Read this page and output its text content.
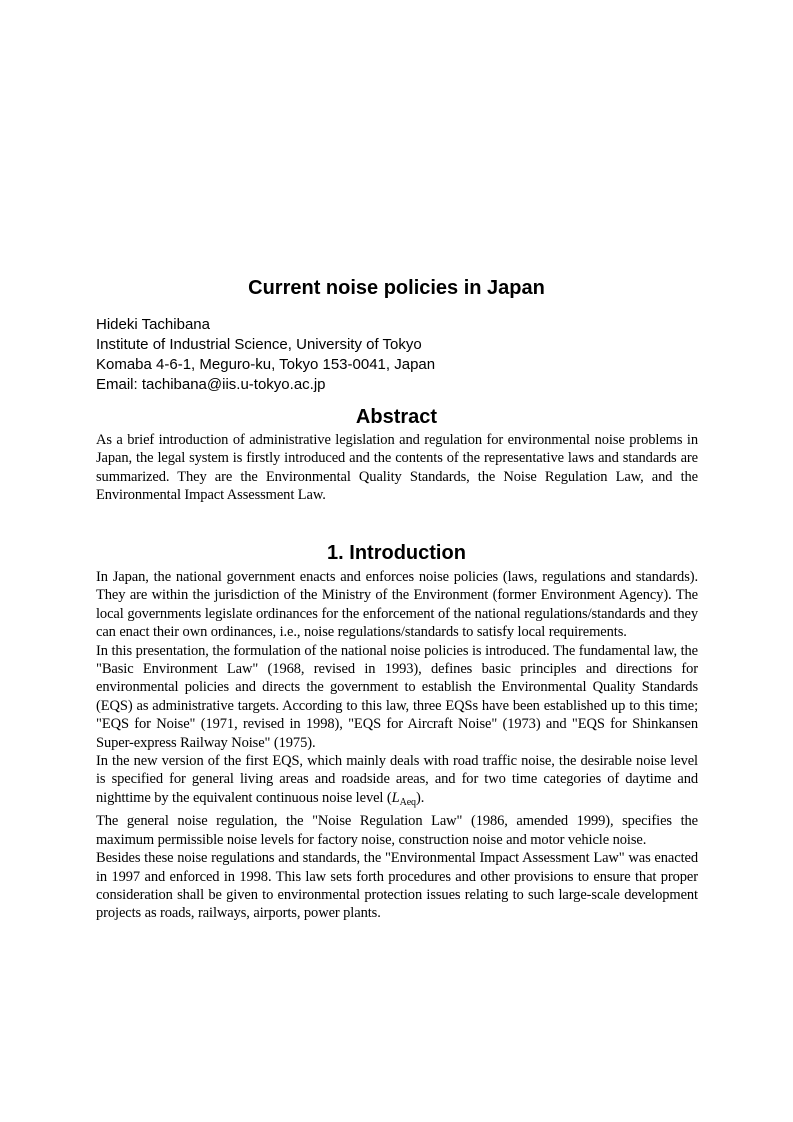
Current noise policies in Japan
Hideki Tachibana
Institute of Industrial Science, University of Tokyo
Komaba 4-6-1, Meguro-ku, Tokyo 153-0041, Japan
Email: tachibana@iis.u-tokyo.ac.jp
Abstract

As a brief introduction of administrative legislation and regulation for environmental noise problems in Japan, the legal system is firstly introduced and the contents of the representative laws and standards are summarized. They are the Environmental Quality Standards, the Noise Regulation Law, and the Environmental Impact Assessment Law.

1. Introduction

In Japan, the national government enacts and enforces noise policies (laws, regulations and standards). They are within the jurisdiction of the Ministry of the Environment (former Environment Agency). The local governments legislate ordinances for the enforcement of the national regulations/standards and they can enact their own ordinances, i.e., noise regulations/standards to satisfy local requirements.

In this presentation, the formulation of the national noise policies is introduced. The fundamental law, the "Basic Environment Law" (1968, revised in 1993), defines basic principles and directions for environmental policies and directs the government to establish the Environmental Quality Standards (EQS) as administrative targets. According to this law, three EQSs have been established up to this time; "EQS for Noise" (1971, revised in 1998), "EQS for Aircraft Noise" (1973) and "EQS for Shinkansen Super-express Railway Noise" (1975).

In the new version of the first EQS, which mainly deals with road traffic noise, the desirable noise level is specified for general living areas and roadside areas, and for two time categories of daytime and nighttime by the equivalent continuous noise level $(L_{Aeq})$.

The general noise regulation, the "Noise Regulation Law" (1986, amended 1999), specifies the maximum permissible noise levels for factory noise, construction noise and motor vehicle noise.

Besides these noise regulations and standards, the "Environmental Impact Assessment Law" was enacted in 1997 and enforced in 1998. This law sets forth procedures and other provisions to ensure that proper consideration shall be given to environmental protection issues relating to such large-scale development projects as roads, railways, airports, power plants.
